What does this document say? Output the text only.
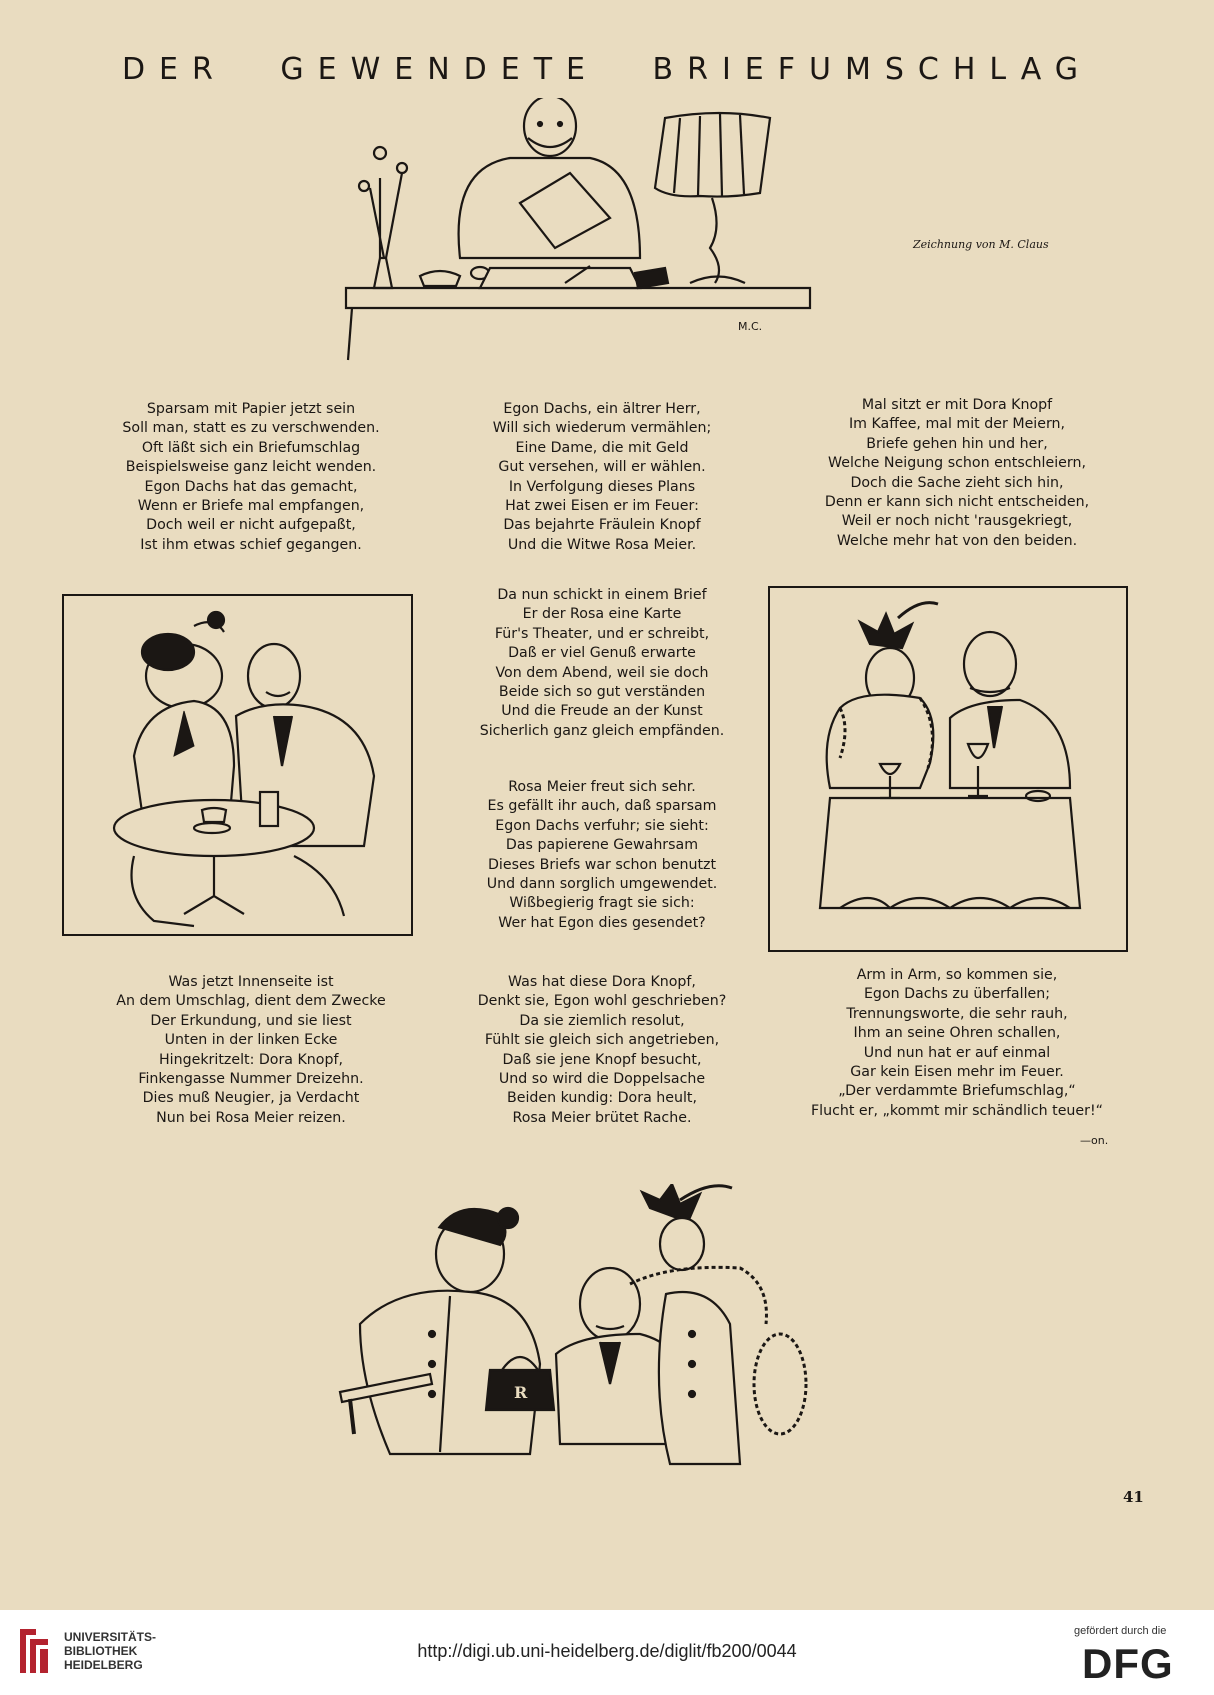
DER GEWENDETE BRIEFUMSCHLAG
M.C.
Zeichnung von M. Claus
Sparsam mit Papier jetzt sein
Soll man, statt es zu verschwenden.
Oft läßt sich ein Briefumschlag
Beispielsweise ganz leicht wenden.
Egon Dachs hat das gemacht,
Wenn er Briefe mal empfangen,
Doch weil er nicht aufgepaßt,
Ist ihm etwas schief gegangen.
Egon Dachs, ein ältrer Herr,
Will sich wiederum vermählen;
Eine Dame, die mit Geld
Gut versehen, will er wählen.
In Verfolgung dieses Plans
Hat zwei Eisen er im Feuer:
Das bejahrte Fräulein Knopf
Und die Witwe Rosa Meier.
Mal sitzt er mit Dora Knopf
Im Kaffee, mal mit der Meiern,
Briefe gehen hin und her,
Welche Neigung schon entschleiern,
Doch die Sache zieht sich hin,
Denn er kann sich nicht entscheiden,
Weil er noch nicht 'rausgekriegt,
Welche mehr hat von den beiden.
Da nun schickt in einem Brief
Er der Rosa eine Karte
Für's Theater, und er schreibt,
Daß er viel Genuß erwarte
Von dem Abend, weil sie doch
Beide sich so gut verständen
Und die Freude an der Kunst
Sicherlich ganz gleich empfänden.
Rosa Meier freut sich sehr.
Es gefällt ihr auch, daß sparsam
Egon Dachs verfuhr; sie sieht:
Das papierene Gewahrsam
Dieses Briefs war schon benutzt
Und dann sorglich umgewendet.
Wißbegierig fragt sie sich:
Wer hat Egon dies gesendet?
Was jetzt Innenseite ist
An dem Umschlag, dient dem Zwecke
Der Erkundung, und sie liest
Unten in der linken Ecke
Hingekritzelt: Dora Knopf,
Finkengasse Nummer Dreizehn.
Dies muß Neugier, ja Verdacht
Nun bei Rosa Meier reizen.
Was hat diese Dora Knopf,
Denkt sie, Egon wohl geschrieben?
Da sie ziemlich resolut,
Fühlt sie gleich sich angetrieben,
Daß sie jene Knopf besucht,
Und so wird die Doppelsache
Beiden kundig: Dora heult,
Rosa Meier brütet Rache.
Arm in Arm, so kommen sie,
Egon Dachs zu überfallen;
Trennungsworte, die sehr rauh,
Ihm an seine Ohren schallen,
Und nun hat er auf einmal
Gar kein Eisen mehr im Feuer.
„Der verdammte Briefumschlag,“
Flucht er, „kommt mir schändlich teuer!“
—on.
R
41
UNIVERSITÄTS-
BIBLIOTHEK
HEIDELBERG
http://digi.ub.uni-heidelberg.de/diglit/fb200/0044
gefördert durch die
DFG
